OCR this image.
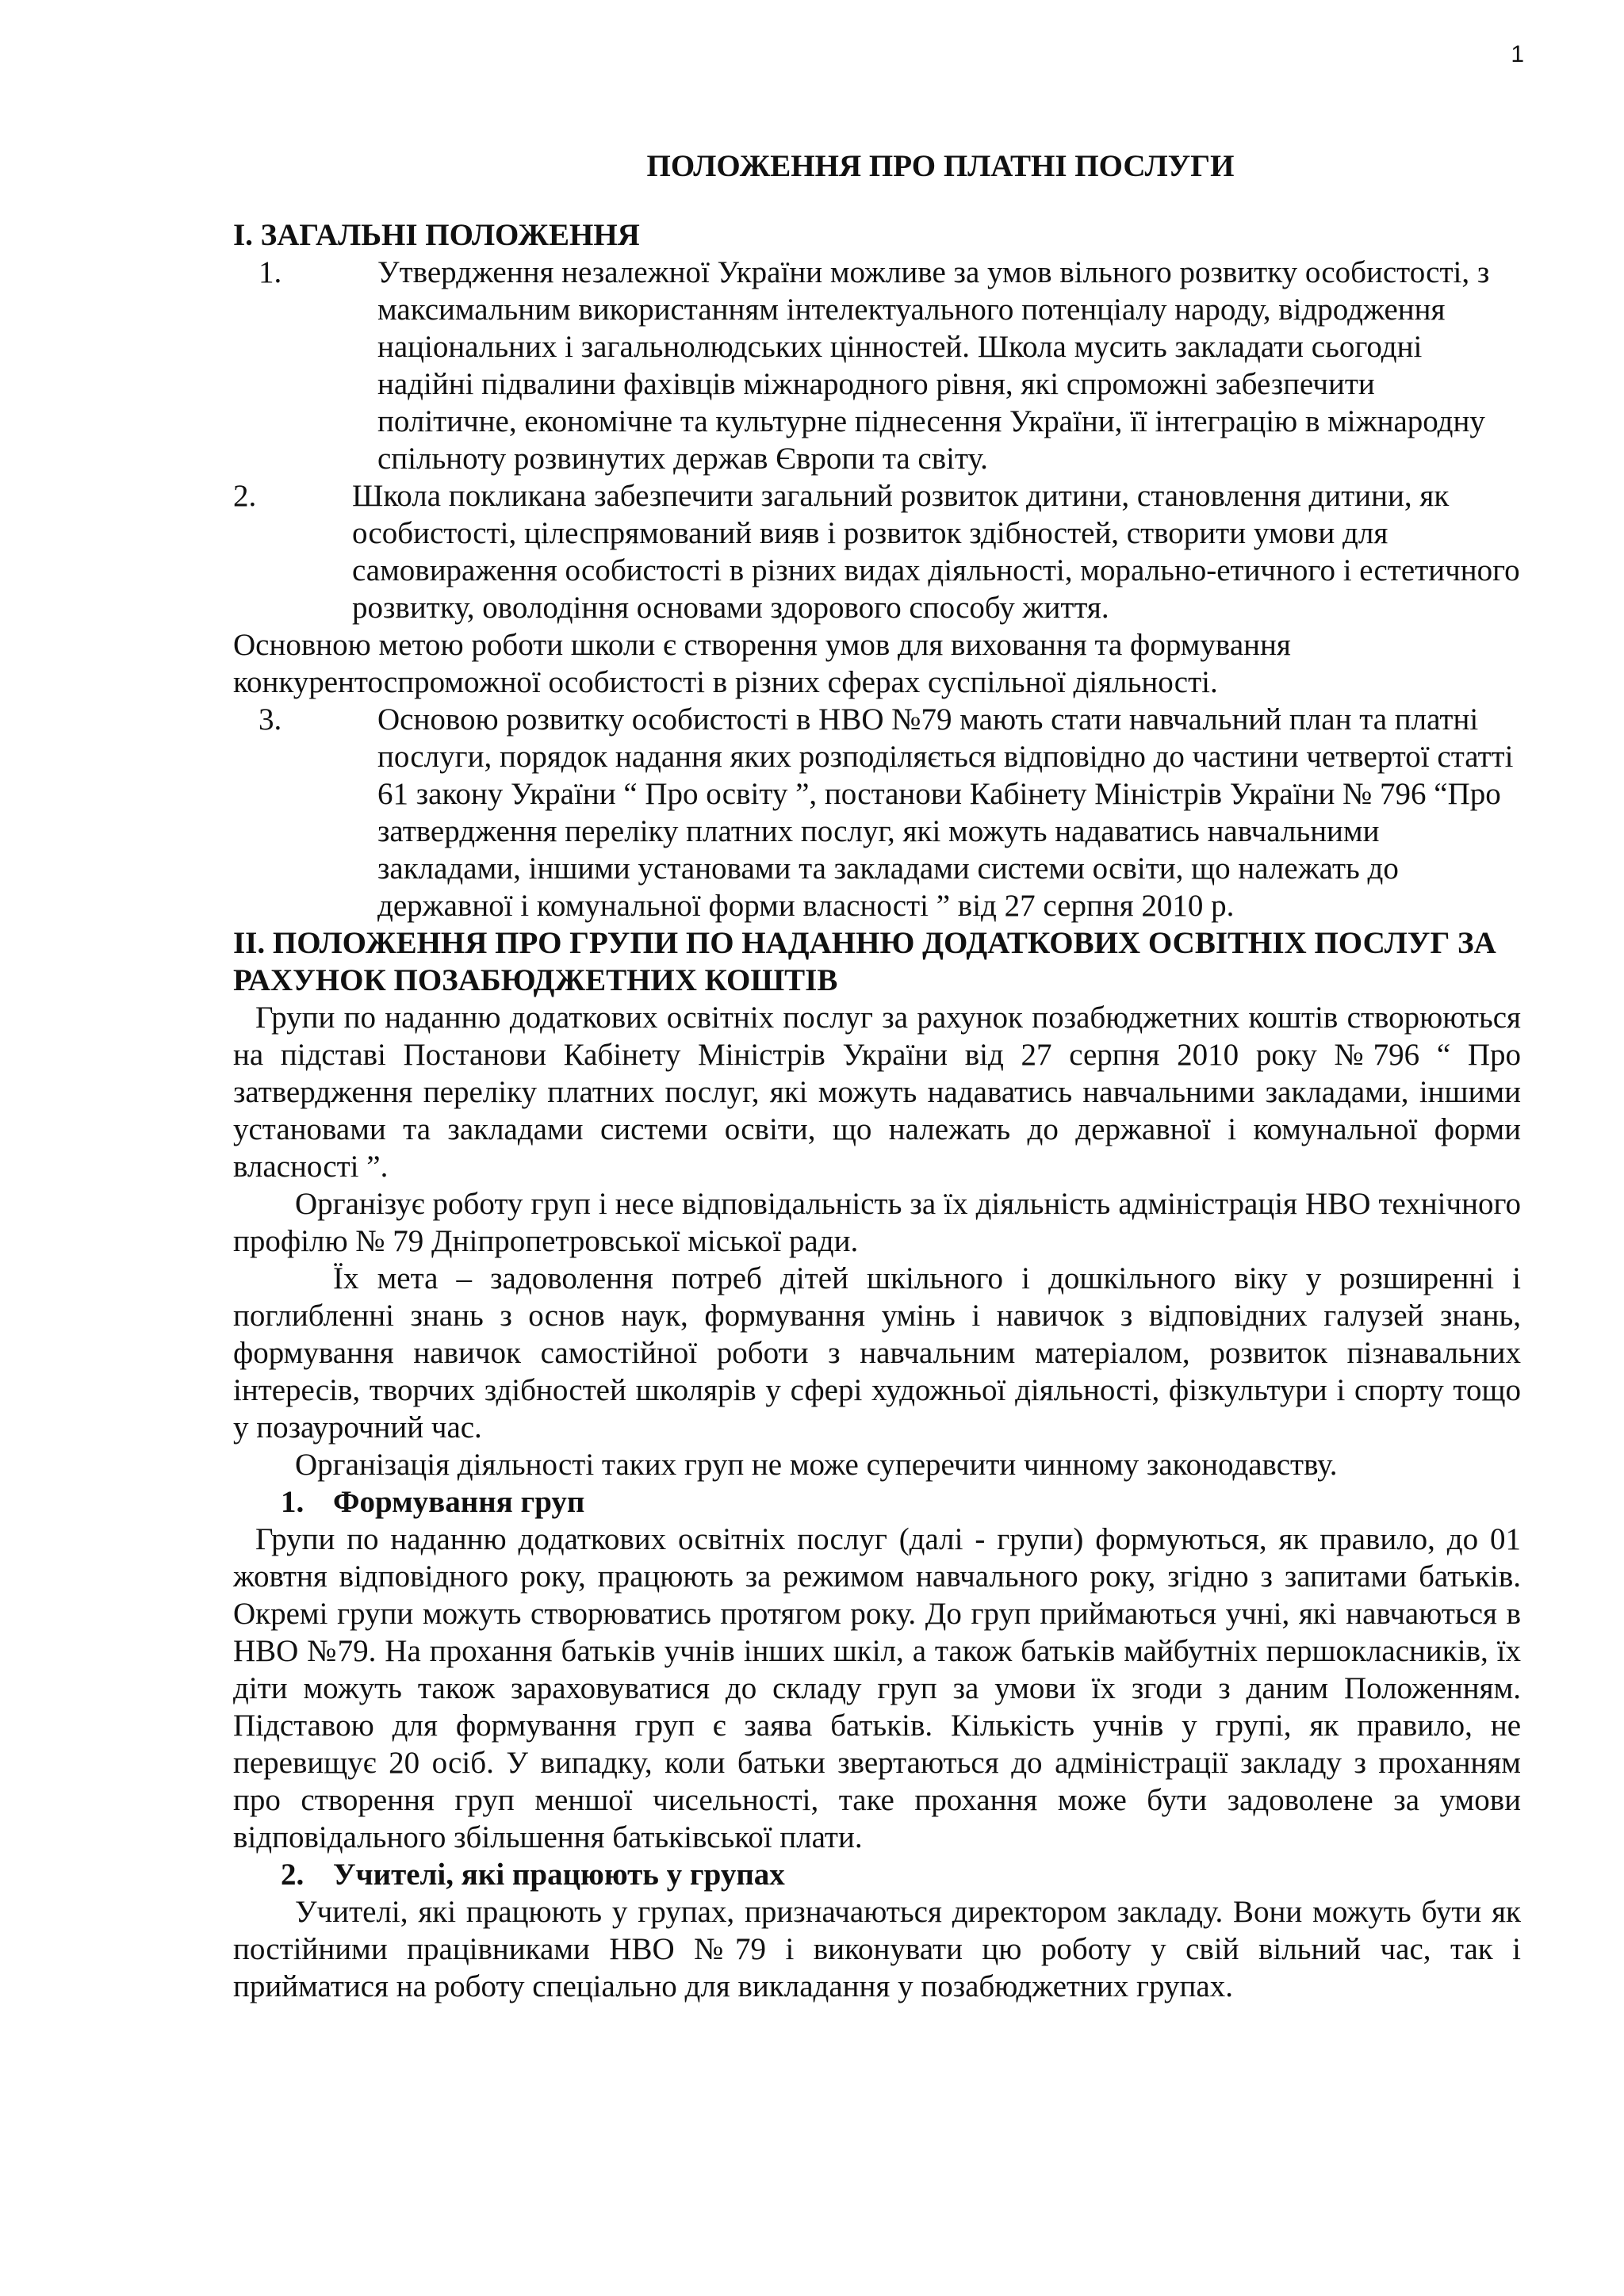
1

ПОЛОЖЕННЯ ПРО ПЛАТНІ ПОСЛУГИ

І. ЗАГАЛЬНІ ПОЛОЖЕННЯ

1.	Утвердження незалежної України можливе за умов вільного розвитку особистості, з максимальним використанням інтелектуального потенціалу народу, відродження національних і загальнолюдських цінностей. Школа мусить закладати сьогодні надійні підвалини фахівців міжнародного рівня, які спроможні забезпечити політичне, економічне та культурне піднесення України, її інтеграцію в міжнародну спільноту розвинутих держав Європи та світу.
2.	Школа покликана забезпечити загальний розвиток дитини, становлення дитини, як особистості, цілеспрямований вияв і розвиток здібностей, створити умови для самовираження особистості в різних видах діяльності, морально-етичного і естетичного розвитку, оволодіння основами здорового способу життя.

Основною метою роботи школи є створення умов для виховання та формування конкурентоспроможної особистості в різних сферах суспільної діяльності.

3.	Основою розвитку особистості в НВО №79 мають стати навчальний план та платні послуги, порядок надання яких розподіляється відповідно до частини четвертої статті 61 закону України “ Про освіту ”, постанови Кабінету Міністрів України № 796 “Про затвердження переліку платних послуг, які можуть надаватись навчальними закладами, іншими установами та закладами системи освіти, що належать до державної і комунальної форми власності ” від 27 серпня 2010 р.

ІІ. ПОЛОЖЕННЯ ПРО ГРУПИ ПО НАДАННЮ ДОДАТКОВИХ ОСВІТНІХ ПОСЛУГ ЗА РАХУНОК ПОЗАБЮДЖЕТНИХ КОШТІВ

Групи по наданню додаткових освітніх послуг за рахунок позабюджетних коштів створюються на підставі Постанови Кабінету Міністрів України від 27 серпня 2010 року №796 “ Про затвердження переліку платних послуг, які можуть надаватись навчальними закладами, іншими установами та закладами системи освіти, що належать до державної і комунальної форми власності ”.

Організує роботу груп і несе відповідальність за їх діяльність адміністрація НВО технічного профілю № 79 Дніпропетровської міської ради.

Їх мета – задоволення потреб дітей шкільного і дошкільного віку у розширенні і поглибленні знань з основ наук, формування умінь і навичок з відповідних галузей знань, формування навичок самостійної роботи з навчальним матеріалом, розвиток пізнавальних інтересів, творчих здібностей школярів у сфері художньої діяльності, фізкультури і спорту тощо у позаурочний час.

Організація діяльності таких груп не може суперечити чинному законодавству.

1. Формування груп

Групи по наданню додаткових освітніх послуг (далі - групи) формуються, як правило, до 01 жовтня відповідного року, працюють за режимом навчального року, згідно з запитами батьків. Окремі групи можуть створюватись протягом року. До груп приймаються учні, які навчаються в НВО №79. На прохання батьків учнів інших шкіл, а також батьків майбутніх першокласників, їх діти можуть також зараховуватися до складу груп за умови їх згоди з даним Положенням. Підставою для формування груп є заява батьків. Кількість учнів у групі, як правило, не перевищує 20 осіб. У випадку, коли батьки звертаються до адміністрації закладу з проханням про створення груп меншої чисельності, таке прохання може бути задоволене за умови відповідального збільшення батьківської плати.

2. Учителі, які працюють у групах

Учителі, які працюють у групах, призначаються директором закладу. Вони можуть бути як постійними працівниками НВО №79 і виконувати цю роботу у свій вільний час, так і прийматися на роботу спеціально для викладання у позабюджетних групах.
